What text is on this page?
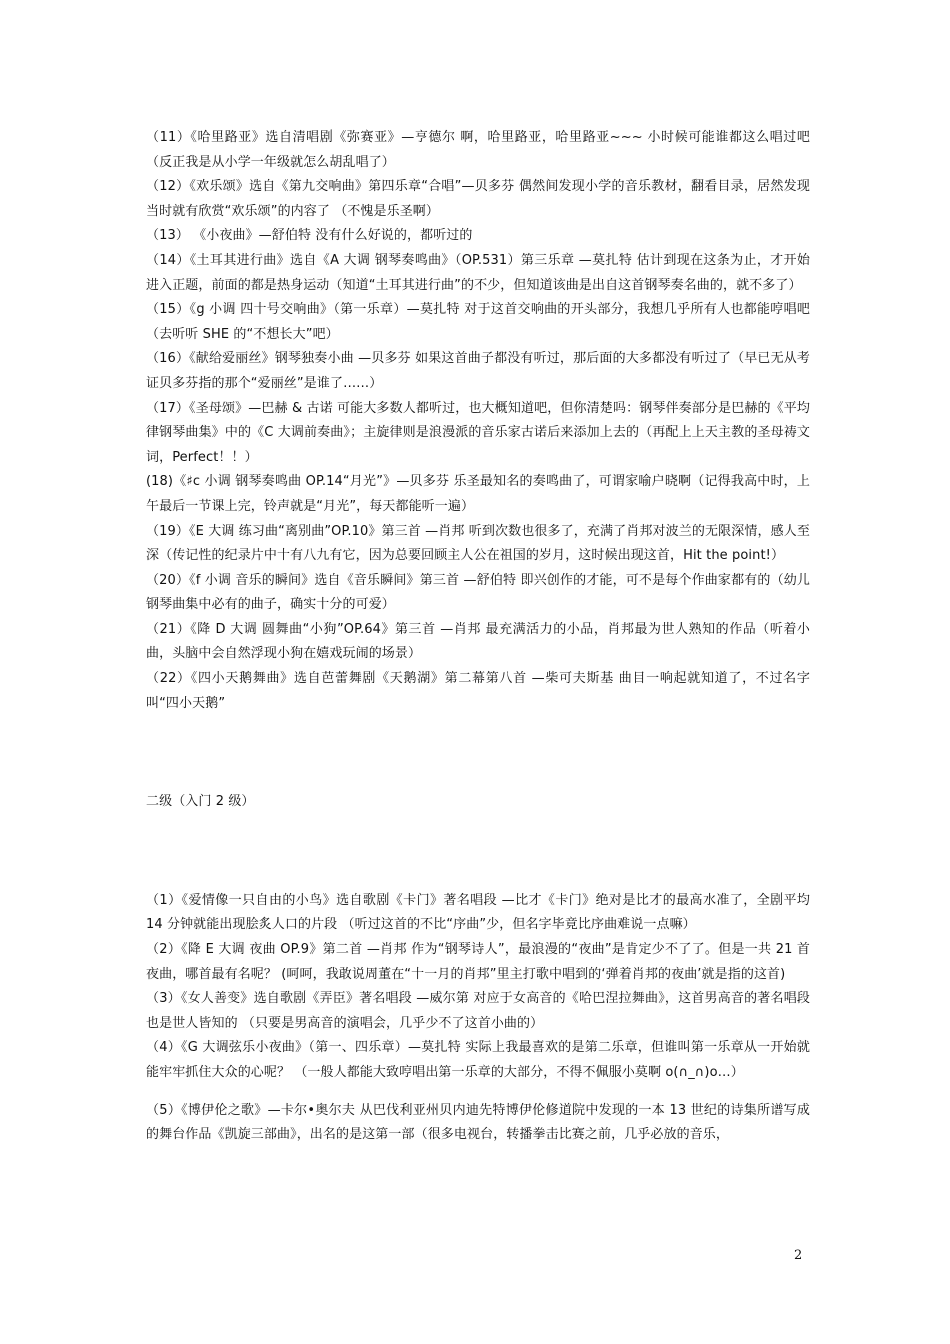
（11）《哈里路亚》选自清唱剧《弥赛亚》—亨德尔 啊，哈里路亚，哈里路亚~~~ 小时候可能谁都这么唱过吧（反正我是从小学一年级就怎么胡乱唱了）

（12）《欢乐颂》选自《第九交响曲》第四乐章“合唱”—贝多芬 偶然间发现小学的音乐教材，翻看目录，居然发现当时就有欣赏“欢乐颂”的内容了 （不愧是乐圣啊）

（13） 《小夜曲》—舒伯特 没有什么好说的，都听过的

（14）《土耳其进行曲》选自《A 大调 钢琴奏鸣曲》（OP.531）第三乐章 —莫扎特 估计到现在这条为止，才开始进入正题，前面的都是热身运动（知道“土耳其进行曲”的不少，但知道该曲是出自这首钢琴奏名曲的，就不多了）

（15）《g 小调 四十号交响曲》（第一乐章）—莫扎特 对于这首交响曲的开头部分，我想几乎所有人也都能哼唱吧 （去听听 SHE 的“不想长大”吧）

（16）《献给爱丽丝》钢琴独奏小曲 —贝多芬 如果这首曲子都没有听过，那后面的大多都没有听过了（早已无从考证贝多芬指的那个“爱丽丝”是谁了……）

（17）《圣母颂》—巴赫 & 古诺 可能大多数人都听过，也大概知道吧，但你清楚吗：钢琴伴奏部分是巴赫的《平均律钢琴曲集》中的《C 大调前奏曲》；主旋律则是浪漫派的音乐家古诺后来添加上去的（再配上上天主教的圣母祷文词，Perfect！！）

(18)《♯c 小调 钢琴奏鸣曲 OP.14“月光”》—贝多芬 乐圣最知名的奏鸣曲了，可谓家喻户晓啊（记得我高中时，上午最后一节课上完，铃声就是“月光”，每天都能听一遍）

（19）《E 大调 练习曲“离别曲”OP.10》第三首 —肖邦 听到次数也很多了，充满了肖邦对波兰的无限深情，感人至深（传记性的纪录片中十有八九有它，因为总要回顾主人公在祖国的岁月，这时候出现这首，Hit the point!）

（20）《f 小调 音乐的瞬间》选自《音乐瞬间》第三首 —舒伯特 即兴创作的才能，可不是每个作曲家都有的（幼儿钢琴曲集中必有的曲子，确实十分的可爱）

（21）《降 D 大调 圆舞曲“小狗”OP.64》第三首 —肖邦 最充满活力的小品，肖邦最为世人熟知的作品（听着小曲，头脑中会自然浮现小狗在嬉戏玩闹的场景）

（22）《四小天鹅舞曲》选自芭蕾舞剧《天鹅湖》第二幕第八首 —柴可夫斯基 曲目一响起就知道了，不过名字叫“四小天鹅”

二级（入门 2 级）

（1）《爱情像一只自由的小鸟》选自歌剧《卡门》著名唱段 —比才《卡门》绝对是比才的最高水准了，全剧平均 14 分钟就能出现脍炙人口的片段 （听过这首的不比“序曲”少，但名字毕竟比序曲难说一点嘛）

（2）《降 E 大调 夜曲 OP.9》第二首 —肖邦 作为“钢琴诗人”，最浪漫的“夜曲”是肯定少不了了。但是一共 21 首夜曲，哪首最有名呢？ (呵呵，我敢说周董在“十一月的肖邦”里主打歌中唱到的‘弹着肖邦的夜曲’就是指的这首)

（3）《女人善变》选自歌剧《弄臣》著名唱段 —威尔第 对应于女高音的《哈巴涅拉舞曲》，这首男高音的著名唱段也是世人皆知的 （只要是男高音的演唱会，几乎少不了这首小曲的）

（4）《G 大调弦乐小夜曲》（第一、四乐章）—莫扎特 实际上我最喜欢的是第二乐章，但谁叫第一乐章从一开始就能牢牢抓住大众的心呢？ （一般人都能大致哼唱出第一乐章的大部分，不得不佩服小莫啊 o(∩_∩)o…）

（5）《博伊伦之歌》—卡尔•奥尔夫 从巴伐利亚州贝内迪先特博伊伦修道院中发现的一本 13 世纪的诗集所谱写成的舞台作品《凯旋三部曲》，出名的是这第一部（很多电视台，转播拳击比赛之前，几乎必放的音乐，

2
